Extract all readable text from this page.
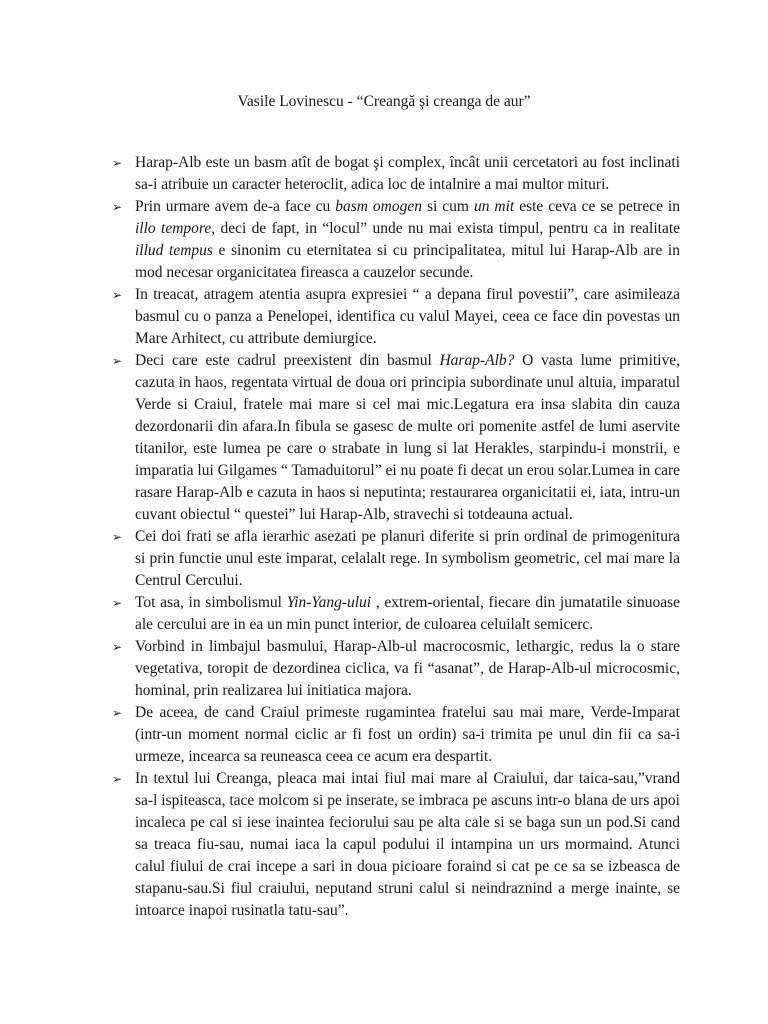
Vasile Lovinescu - “Creangă şi creanga de aur”
➢ Harap-Alb este un basm atît de bogat şi complex, încât unii cercetatori au fost inclinati sa-i atribuie un caracter heteroclit, adica loc de intalnire a mai multor mituri.
➢ Prin urmare avem de-a face cu basm omogen si cum un mit este ceva ce se petrece in illo tempore, deci de fapt, in “locul” unde nu mai exista timpul, pentru ca in realitate illud tempus e sinonim cu eternitatea si cu principalitatea, mitul lui Harap-Alb are in mod necesar organicitatea fireasca a cauzelor secunde.
➢ In treacat, atragem atentia asupra expresiei “ a depana firul povestii”, care asimileaza basmul cu o panza a Penelopei, identifica cu valul Mayei, ceea ce face din povestas un Mare Arhitect, cu attribute demiurgice.
➢ Deci care este cadrul preexistent din basmul Harap-Alb? O vasta lume primitive, cazuta in haos, regentata virtual de doua ori principia subordinate unul altuia, imparatul Verde si Craiul, fratele mai mare si cel mai mic.Legatura era insa slabita din cauza dezordonarii din afara.In fibula se gasesc de multe ori pomenite astfel de lumi aservite titanilor, este lumea pe care o strabate in lung si lat Herakles, starpindu-i monstrii, e imparatia lui Gilgames “ Tamaduitorul” ei nu poate fi decat un erou solar.Lumea in care rasare Harap-Alb e cazuta in haos si neputinta; restaurarea organicitatii ei, iata, intru-un cuvant obiectul “ questei” lui Harap-Alb, stravechi si totdeauna actual.
➢ Cei doi frati se afla ierarhic asezati pe planuri diferite si prin ordinal de primogenitura si prin functie unul este imparat, celalalt rege. In symbolism geometric, cel mai mare la Centrul Cercului.
➢ Tot asa, in simbolismul Yin-Yang-ului , extrem-oriental, fiecare din jumatatile sinuoase ale cercului are in ea un min punct interior, de culoarea celuilalt semicerc.
➢ Vorbind in limbajul basmului, Harap-Alb-ul macrocosmic, lethargic, redus la o stare vegetativa, toropit de dezordinea ciclica, va fi “asanat”, de Harap-Alb-ul microcosmic, hominal, prin realizarea lui initiatica majora.
➢ De aceea, de cand Craiul primeste rugamintea fratelui sau mai mare, Verde-Imparat (intr-un moment normal ciclic ar fi fost un ordin) sa-i trimita pe unul din fii ca sa-i urmeze, incearca sa reuneasca ceea ce acum era despartit.
➢ In textul lui Creanga, pleaca mai intai fiul mai mare al Craiului, dar taica-sau,”vrand sa-l ispiteasca, tace molcom si pe inserate, se imbraca pe ascuns intr-o blana de urs apoi incaleca pe cal si iese inaintea feciorului sau pe alta cale si se baga sun un pod.Si cand sa treaca fiu-sau, numai iaca la capul podului il intampina un urs mormaind. Atunci calul fiului de crai incepe a sari in doua picioare foraind si cat pe ce sa se izbeasca de stapanu-sau.Si fiul craiului, neputand struni calul si neindraznind a merge inainte, se intoarce inapoi rusinatla tatu-sau”.
